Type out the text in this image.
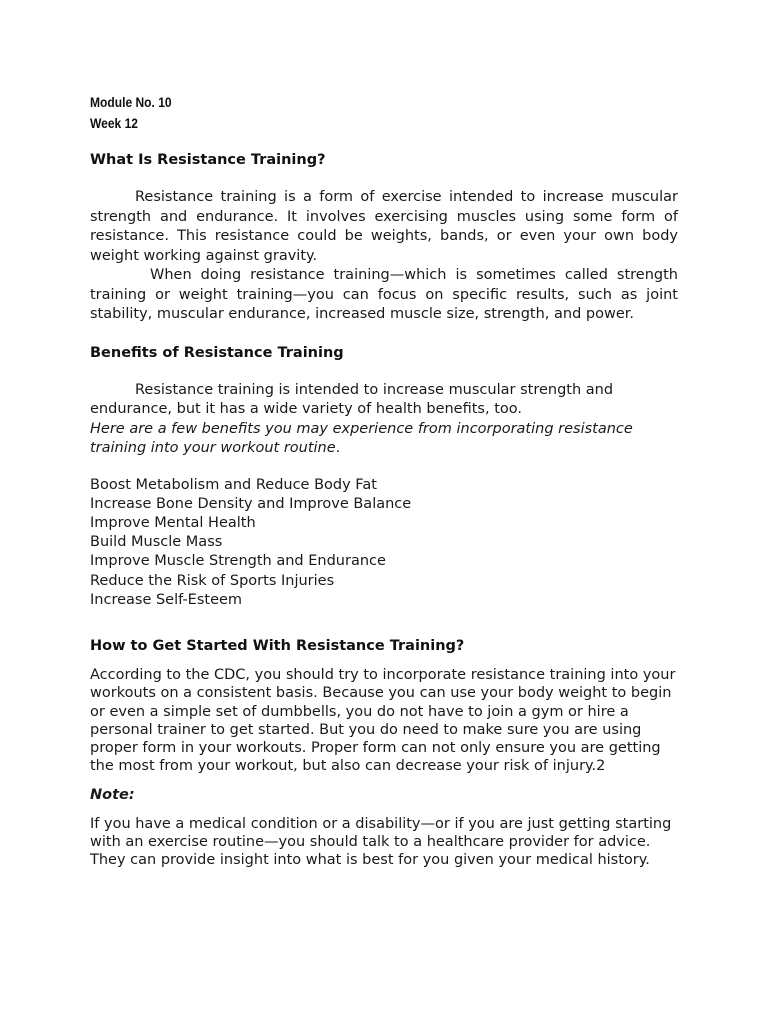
Module No. 10
Week 12
What Is Resistance Training?

Resistance training is a form of exercise intended to increase muscular strength and endurance. It involves exercising muscles using some form of resistance. This resistance could be weights, bands, or even your own body weight working against gravity.

When doing resistance training—which is sometimes called strength training or weight training—you can focus on specific results, such as joint stability, muscular endurance, increased muscle size, strength, and power.

Benefits of Resistance Training

Resistance training is intended to increase muscular strength and endurance, but it has a wide variety of health benefits, too.

Here are a few benefits you may experience from incorporating resistance training into your workout routine.

Boost Metabolism and Reduce Body Fat
Increase Bone Density and Improve Balance
Improve Mental Health
Build Muscle Mass
Improve Muscle Strength and Endurance
Reduce the Risk of Sports Injuries
Increase Self-Esteem
How to Get Started With Resistance Training?

According to the CDC, you should try to incorporate resistance training into your workouts on a consistent basis. Because you can use your body weight to begin or even a simple set of dumbbells, you do not have to join a gym or hire a personal trainer to get started. But you do need to make sure you are using proper form in your workouts. Proper form can not only ensure you are getting the most from your workout, but also can decrease your risk of injury.2

Note:

If you have a medical condition or a disability—or if you are just getting starting with an exercise routine—you should talk to a healthcare provider for advice. They can provide insight into what is best for you given your medical history.
